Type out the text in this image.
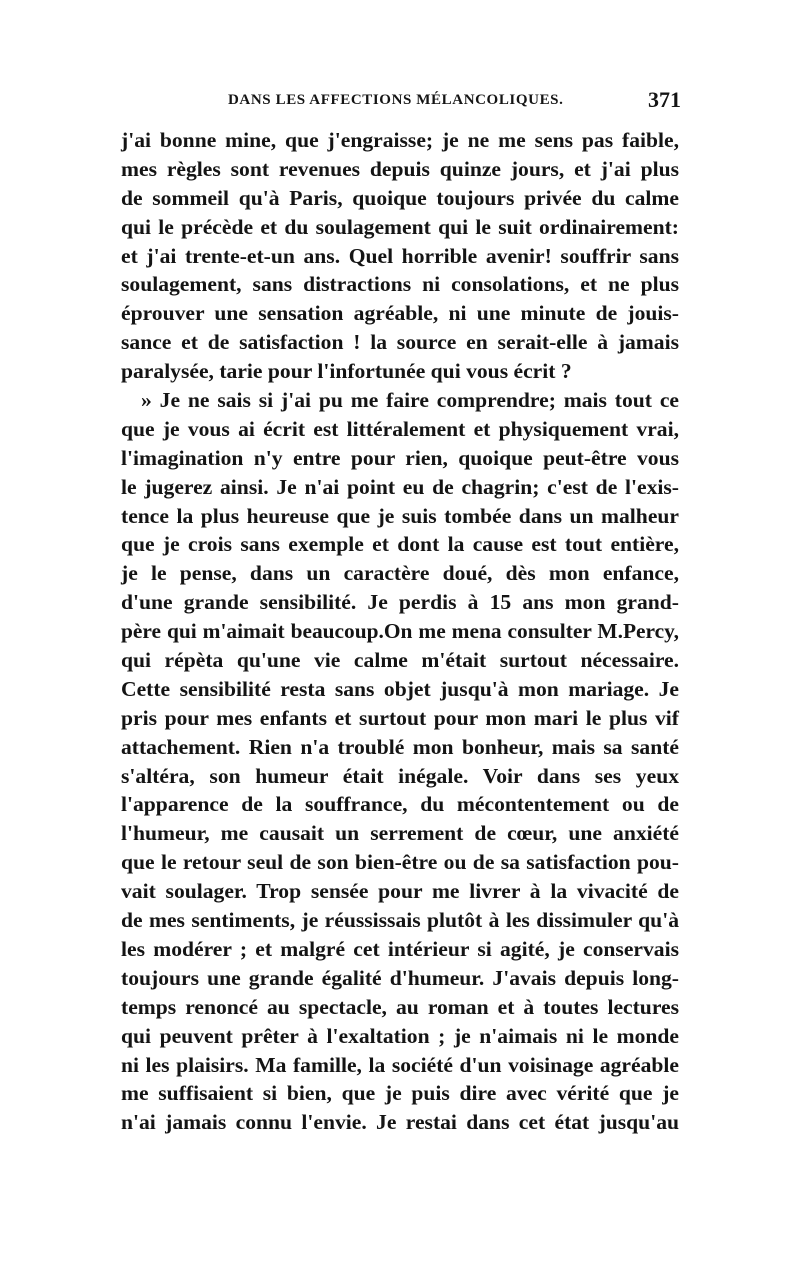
DANS LES AFFECTIONS MÉLANCOLIQUES.	371
j'ai bonne mine, que j'engraisse; je ne me sens pas faible,
mes règles sont revenues depuis quinze jours, et j'ai plus
de sommeil qu'à Paris, quoique toujours privée du calme
qui le précède et du soulagement qui le suit ordinairement:
et j'ai trente-et-un ans. Quel horrible avenir! souffrir sans
soulagement, sans distractions ni consolations, et ne plus
éprouver une sensation agréable, ni une minute de jouis-
sance et de satisfaction ! la source en serait-elle à jamais
paralysée, tarie pour l'infortunée qui vous écrit ?
» Je ne sais si j'ai pu me faire comprendre; mais tout ce
que je vous ai écrit est littéralement et physiquement vrai,
l'imagination n'y entre pour rien, quoique peut-être vous
le jugerez ainsi. Je n'ai point eu de chagrin; c'est de l'exis-
tence la plus heureuse que je suis tombée dans un malheur
que je crois sans exemple et dont la cause est tout entière,
je le pense, dans un caractère doué, dès mon enfance,
d'une grande sensibilité. Je perdis à 15 ans mon grand-
père qui m'aimait beaucoup.On me mena consulter M.Percy,
qui répèta qu'une vie calme m'était surtout nécessaire.
Cette sensibilité resta sans objet jusqu'à mon mariage. Je
pris pour mes enfants et surtout pour mon mari le plus vif
attachement. Rien n'a troublé mon bonheur, mais sa santé
s'altéra, son humeur était inégale. Voir dans ses yeux
l'apparence de la souffrance, du mécontentement ou de
l'humeur, me causait un serrement de cœur, une anxiété
que le retour seul de son bien-être ou de sa satisfaction pou-
vait soulager. Trop sensée pour me livrer à la vivacité de
de mes sentiments, je réussissais plutôt à les dissimuler qu'à
les modérer ; et malgré cet intérieur si agité, je conservais
toujours une grande égalité d'humeur. J'avais depuis long-
temps renoncé au spectacle, au roman et à toutes lectures
qui peuvent prêter à l'exaltation ; je n'aimais ni le monde
ni les plaisirs. Ma famille, la société d'un voisinage agréable
me suffisaient si bien, que je puis dire avec vérité que je
n'ai jamais connu l'envie. Je restai dans cet état jusqu'au
